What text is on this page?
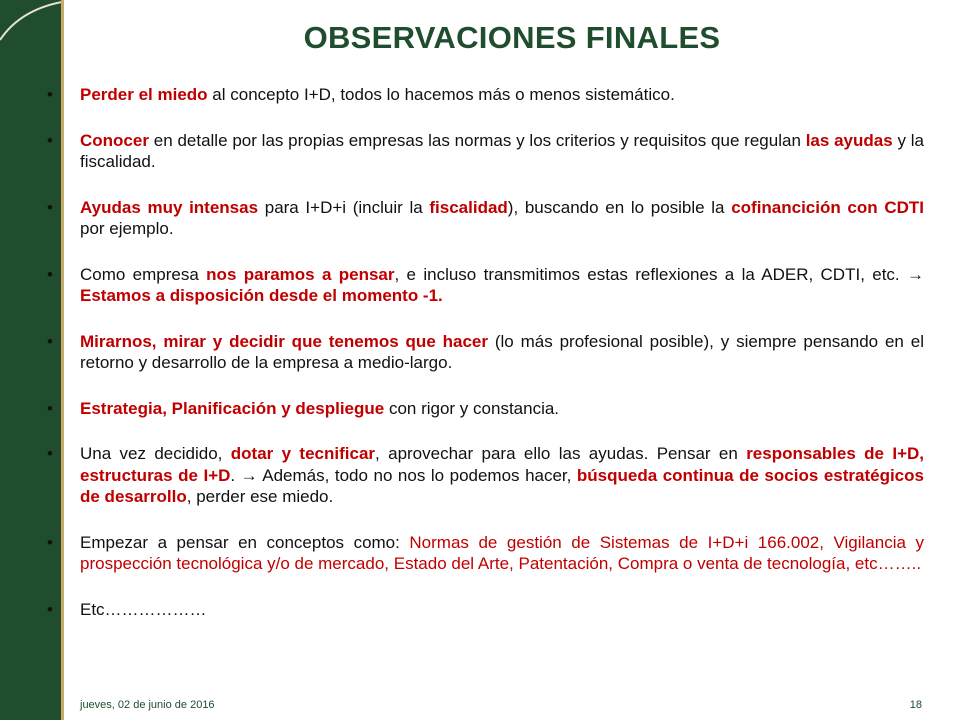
OBSERVACIONES FINALES
• Perder el miedo al concepto I+D, todos lo hacemos más o menos sistemático.
• Conocer en detalle por las propias empresas las normas y los criterios y requisitos que regulan las ayudas y la fiscalidad.
• Ayudas muy intensas para I+D+i (incluir la fiscalidad), buscando en lo posible la cofinancición con CDTI por ejemplo.
• Como empresa nos paramos a pensar, e incluso transmitimos estas reflexiones a la ADER, CDTI, etc. → Estamos a disposición desde el momento -1.
• Mirarnos, mirar y decidir que tenemos que hacer (lo más profesional posible), y siempre pensando en el retorno y desarrollo de la empresa a medio-largo.
• Estrategia, Planificación y despliegue con rigor y constancia.
• Una vez decidido, dotar y tecnificar, aprovechar para ello las ayudas. Pensar en responsables de I+D, estructuras de I+D. → Además, todo no nos lo podemos hacer, búsqueda continua de socios estratégicos de desarrollo, perder ese miedo.
• Empezar a pensar en conceptos como: Normas de gestión de Sistemas de I+D+i 166.002, Vigilancia y prospección tecnológica y/o de mercado, Estado del Arte, Patentación, Compra o venta de tecnología, etc……..
• Etc………………
jueves, 02 de junio de 2016	18
